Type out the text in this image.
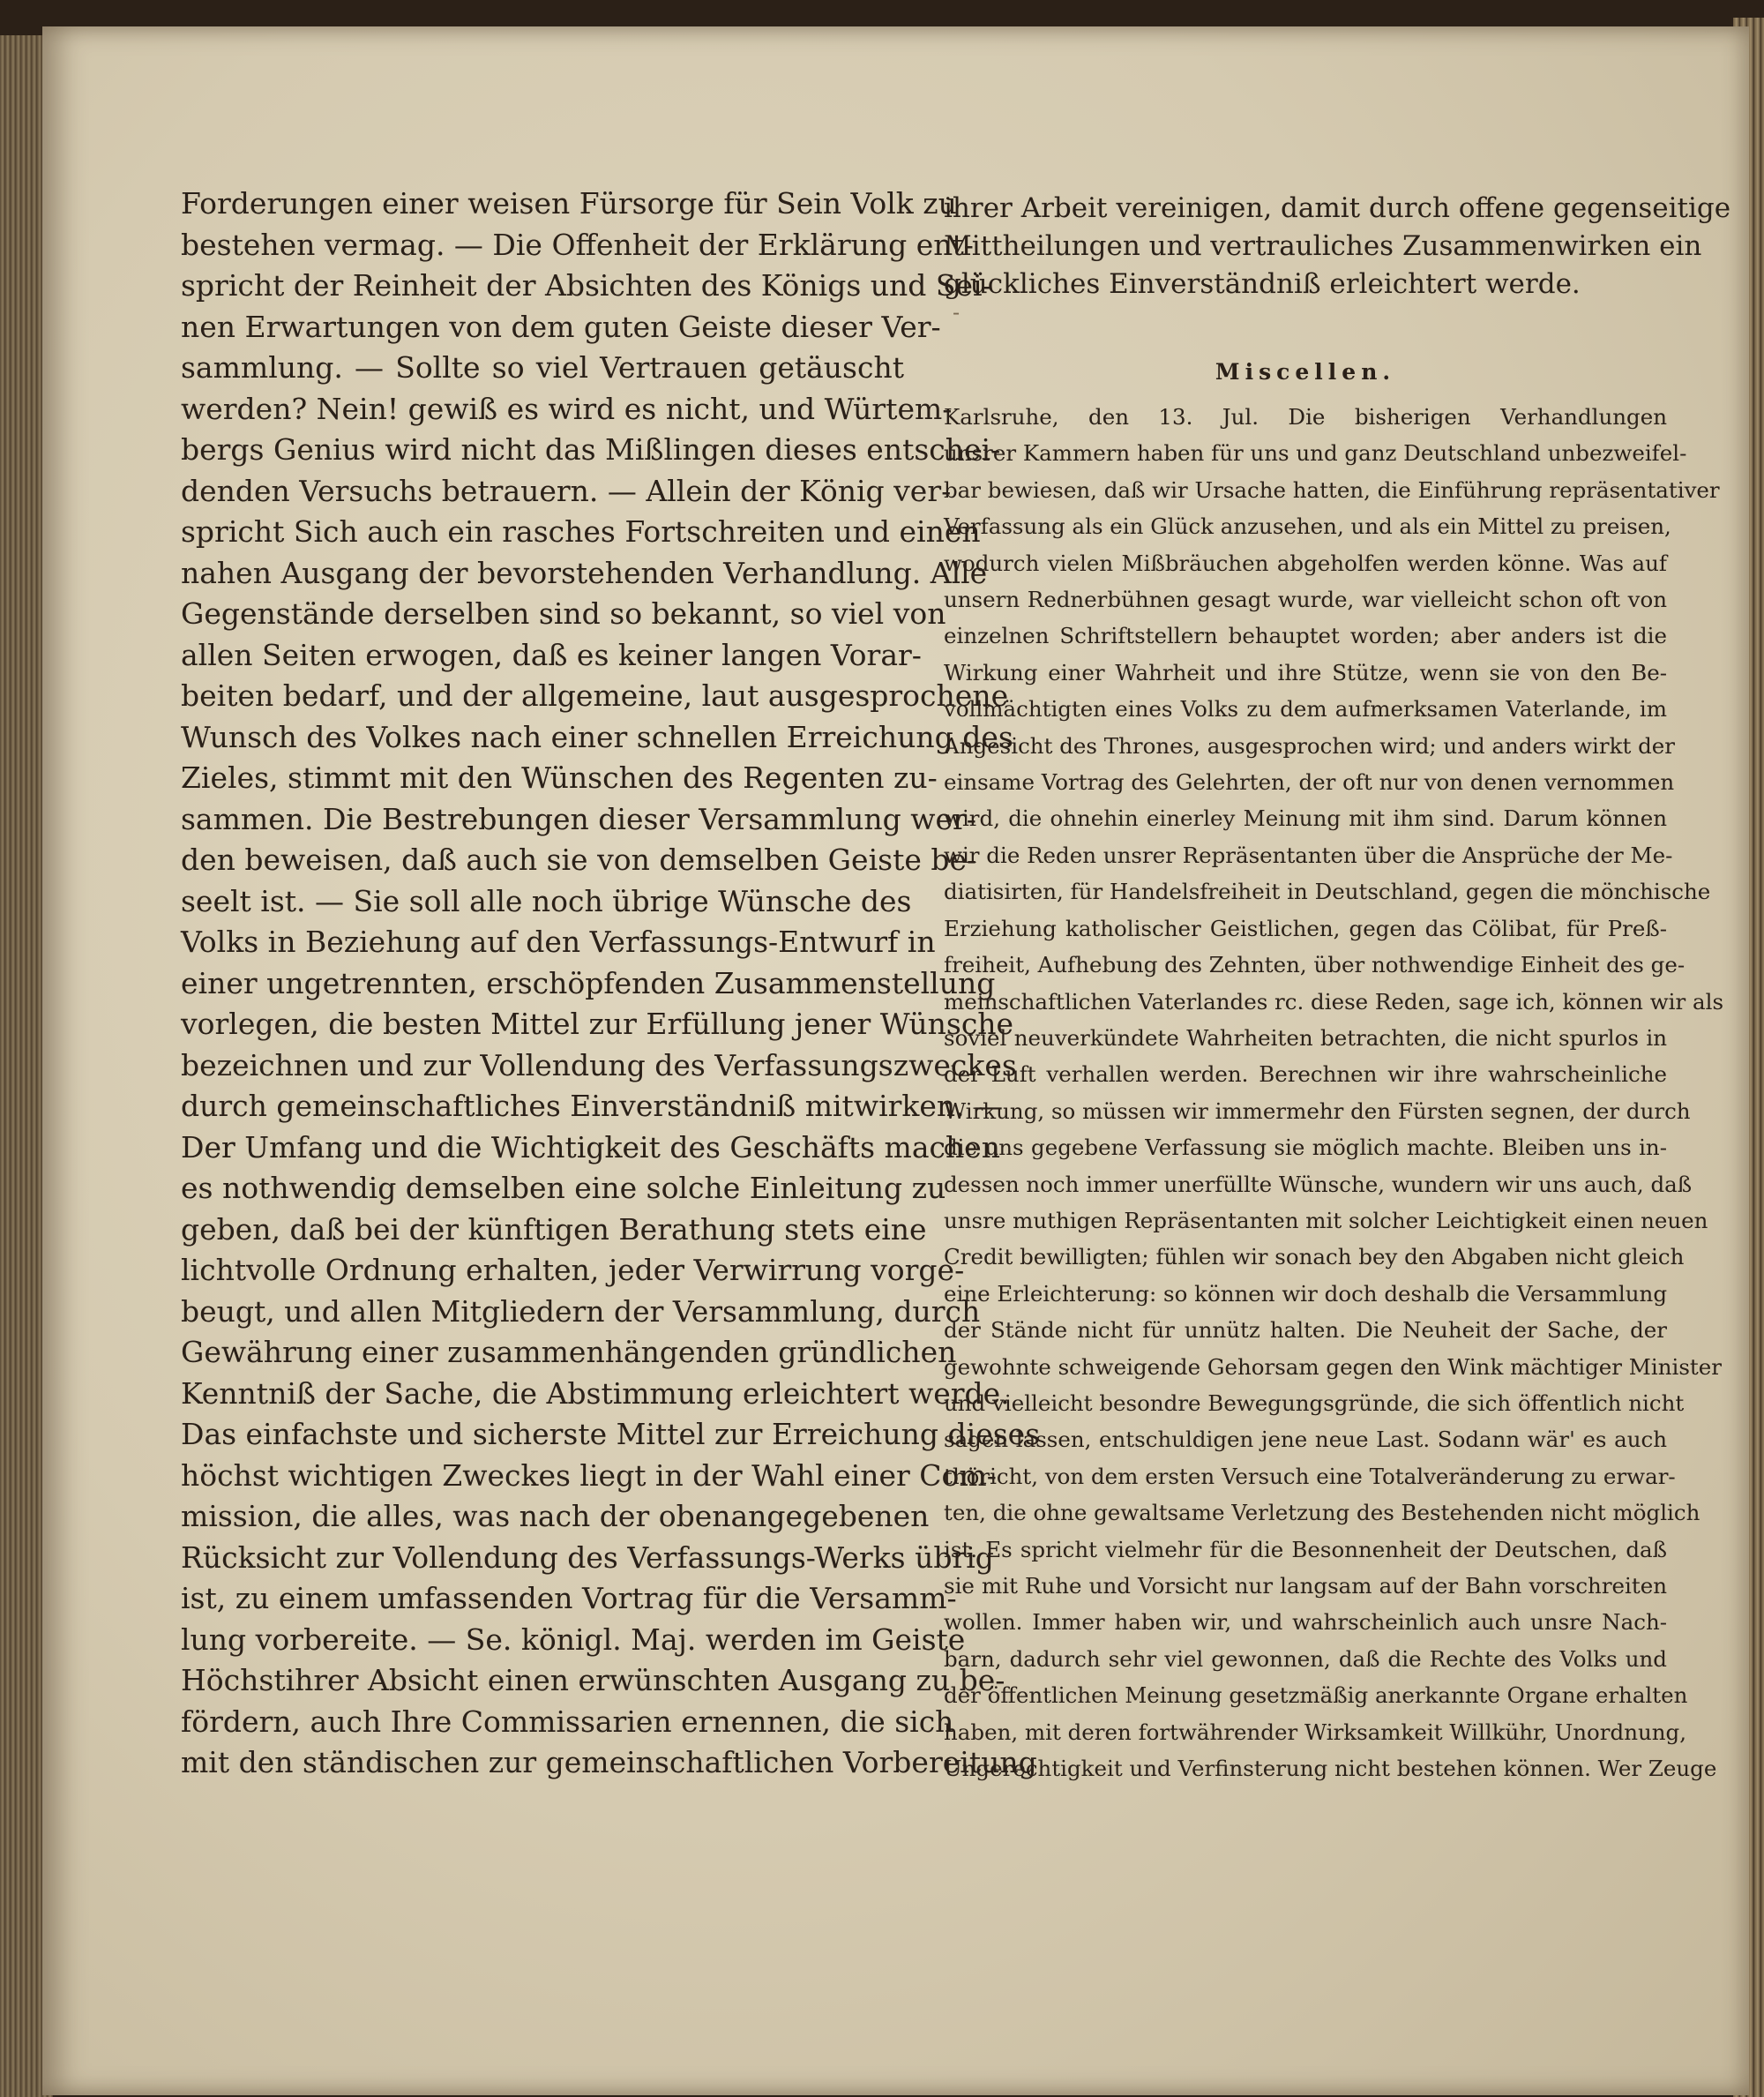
Forderungen einer weisen Fürsorge für Sein Volk zu
bestehen vermag. — Die Offenheit der Erklärung ent-
spricht der Reinheit der Absichten des Königs und Sei-
nen Erwartungen von dem guten Geiste dieser Ver-
sammlung. — Sollte so viel Vertrauen getäuscht
werden? Nein! gewiß es wird es nicht, und Würtem-
bergs Genius wird nicht das Mißlingen dieses entschei-
denden Versuchs betrauern. — Allein der König ver-
spricht Sich auch ein rasches Fortschreiten und einen
nahen Ausgang der bevorstehenden Verhandlung. Alle
Gegenstände derselben sind so bekannt, so viel von
allen Seiten erwogen, daß es keiner langen Vorar-
beiten bedarf, und der allgemeine, laut ausgesprochene
Wunsch des Volkes nach einer schnellen Erreichung des
Zieles, stimmt mit den Wünschen des Regenten zu-
sammen. Die Bestrebungen dieser Versammlung wer-
den beweisen, daß auch sie von demselben Geiste be-
seelt ist. — Sie soll alle noch übrige Wünsche des
Volks in Beziehung auf den Verfassungs-Entwurf in
einer ungetrennten, erschöpfenden Zusammenstellung
vorlegen, die besten Mittel zur Erfüllung jener Wünsche
bezeichnen und zur Vollendung des Verfassungszweckes
durch gemeinschaftliches Einverständniß mitwirken. —
Der Umfang und die Wichtigkeit des Geschäfts machen
es nothwendig demselben eine solche Einleitung zu
geben, daß bei der künftigen Berathung stets eine
lichtvolle Ordnung erhalten, jeder Verwirrung vorge-
beugt, und allen Mitgliedern der Versammlung, durch
Gewährung einer zusammenhängenden gründlichen
Kenntniß der Sache, die Abstimmung erleichtert werde.
Das einfachste und sicherste Mittel zur Erreichung dieses
höchst wichtigen Zweckes liegt in der Wahl einer Com-
mission, die alles, was nach der obenangegebenen
Rücksicht zur Vollendung des Verfassungs-Werks übrig
ist, zu einem umfassenden Vortrag für die Versamm-
lung vorbereite. — Se. königl. Maj. werden im Geiste
Höchstihrer Absicht einen erwünschten Ausgang zu be-
fördern, auch Ihre Commissarien ernennen, die sich
mit den ständischen zur gemeinschaftlichen Vorbereitung
ihrer Arbeit vereinigen, damit durch offene gegenseitige
Mittheilungen und vertrauliches Zusammenwirken ein
glückliches Einverständniß erleichtert werde.
-
Miscellen.
Karlsruhe, den 13. Jul. Die bisherigen Verhandlungen
unsrer Kammern haben für uns und ganz Deutschland unbezweifel-
bar bewiesen, daß wir Ursache hatten, die Einführung repräsentativer
Verfassung als ein Glück anzusehen, und als ein Mittel zu preisen,
wodurch vielen Mißbräuchen abgeholfen werden könne. Was auf
unsern Rednerbühnen gesagt wurde, war vielleicht schon oft von
einzelnen Schriftstellern behauptet worden; aber anders ist die
Wirkung einer Wahrheit und ihre Stütze, wenn sie von den Be-
vollmächtigten eines Volks zu dem aufmerksamen Vaterlande, im
Angesicht des Thrones, ausgesprochen wird; und anders wirkt der
einsame Vortrag des Gelehrten, der oft nur von denen vernommen
wird, die ohnehin einerley Meinung mit ihm sind. Darum können
wir die Reden unsrer Repräsentanten über die Ansprüche der Me-
diatisirten, für Handelsfreiheit in Deutschland, gegen die mönchische
Erziehung katholischer Geistlichen, gegen das Cölibat, für Preß-
freiheit, Aufhebung des Zehnten, über nothwendige Einheit des ge-
meinschaftlichen Vaterlandes rc. diese Reden, sage ich, können wir als
soviel neuverkündete Wahrheiten betrachten, die nicht spurlos in
der Luft verhallen werden. Berechnen wir ihre wahrscheinliche
Wirkung, so müssen wir immermehr den Fürsten segnen, der durch
die uns gegebene Verfassung sie möglich machte. Bleiben uns in-
dessen noch immer unerfüllte Wünsche, wundern wir uns auch, daß
unsre muthigen Repräsentanten mit solcher Leichtigkeit einen neuen
Credit bewilligten; fühlen wir sonach bey den Abgaben nicht gleich
eine Erleichterung: so können wir doch deshalb die Versammlung
der Stände nicht für unnütz halten. Die Neuheit der Sache, der
gewohnte schweigende Gehorsam gegen den Wink mächtiger Minister
und vielleicht besondre Bewegungsgründe, die sich öffentlich nicht
sagen lassen, entschuldigen jene neue Last. Sodann wär' es auch
thöricht, von dem ersten Versuch eine Totalveränderung zu erwar-
ten, die ohne gewaltsame Verletzung des Bestehenden nicht möglich
ist. Es spricht vielmehr für die Besonnenheit der Deutschen, daß
sie mit Ruhe und Vorsicht nur langsam auf der Bahn vorschreiten
wollen. Immer haben wir, und wahrscheinlich auch unsre Nach-
barn, dadurch sehr viel gewonnen, daß die Rechte des Volks und
der öffentlichen Meinung gesetzmäßig anerkannte Organe erhalten
haben, mit deren fortwährender Wirksamkeit Willkühr, Unordnung,
Ungerechtigkeit und Verfinsterung nicht bestehen können. Wer Zeuge
